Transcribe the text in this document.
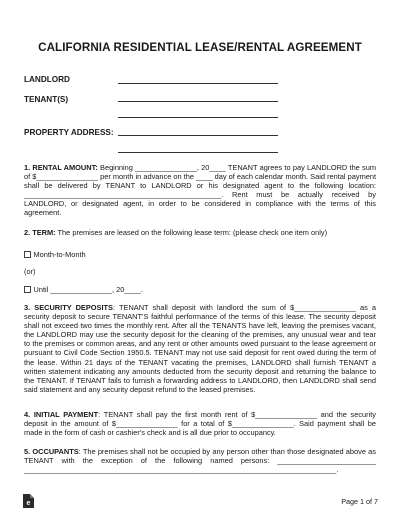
CALIFORNIA RESIDENTIAL LEASE/RENTAL AGREEMENT
LANDLORD
TENANT(S)
PROPERTY ADDRESS:
1. RENTAL AMOUNT: Beginning _______________, 20____ TENANT agrees to pay LANDLORD the sum of $_______________ per month in advance on the ____ day of each calendar month. Said rental payment shall be delivered by TENANT to LANDLORD or his designated agent to the following location: ________________________________________________. Rent must be actually received by LANDLORD, or designated agent, in order to be considered in compliance with the terms of this agreement.
2. TERM: The premises are leased on the following lease term: (please check one item only)
Month-to-Month
(or)
Until _______________, 20____.
3. SECURITY DEPOSITS: TENANT shall deposit with landlord the sum of $_______________ as a security deposit to secure TENANT'S faithful performance of the terms of this lease. The security deposit shall not exceed two times the monthly rent. After all the TENANTS have left, leaving the premises vacant, the LANDLORD may use the security deposit for the cleaning of the premises, any unusual wear and tear to the premises or common areas, and any rent or other amounts owed pursuant to the lease agreement or pursuant to Civil Code Section 1950.5. TENANT may not use said deposit for rent owed during the term of the lease. Within 21 days of the TENANT vacating the premises, LANDLORD shall furnish TENANT a written statement indicating any amounts deducted from the security deposit and returning the balance to the TENANT. If TENANT fails to furnish a forwarding address to LANDLORD, then LANDLORD shall send said statement and any security deposit refund to the leased premises.
4. INITIAL PAYMENT: TENANT shall pay the first month rent of $_______________ and the security deposit in the amount of $_______________ for a total of $_______________. Said payment shall be made in the form of cash or cashier's check and is all due prior to occupancy.
5. OCCUPANTS: The premises shall not be occupied by any person other than those designated above as TENANT with the exception of the following named persons: ________________________ ____________________________________________________________________________.
e	Page 1 of 7
